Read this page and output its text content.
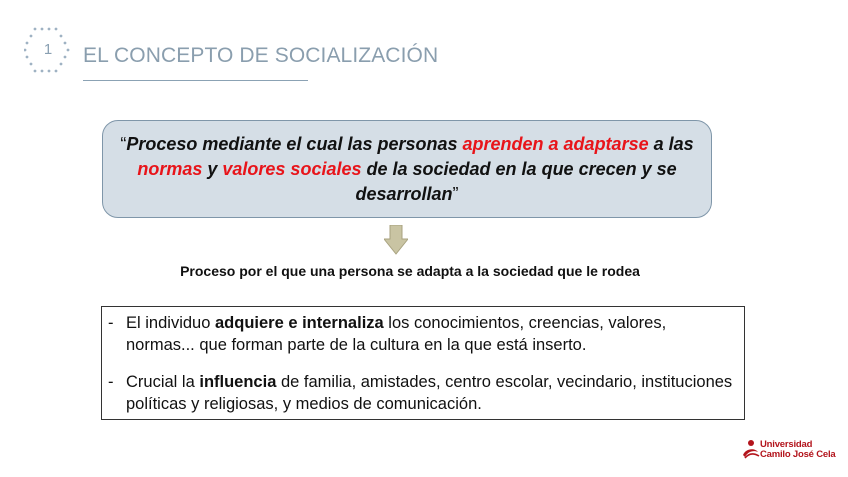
1	EL CONCEPTO DE SOCIALIZACIÓN
“Proceso mediante el cual las personas aprenden a adaptarse a las normas y valores sociales de la sociedad en la que crecen y se desarrollan”
Proceso por el que una persona se adapta a la sociedad que le rodea
- El individuo adquiere e internaliza los conocimientos, creencias, valores, normas... que forman parte de la cultura en la que está inserto.
- Crucial la influencia de familia, amistades, centro escolar, vecindario, instituciones políticas y religiosas, y medios de comunicación.
Universidad
Camilo José Cela
